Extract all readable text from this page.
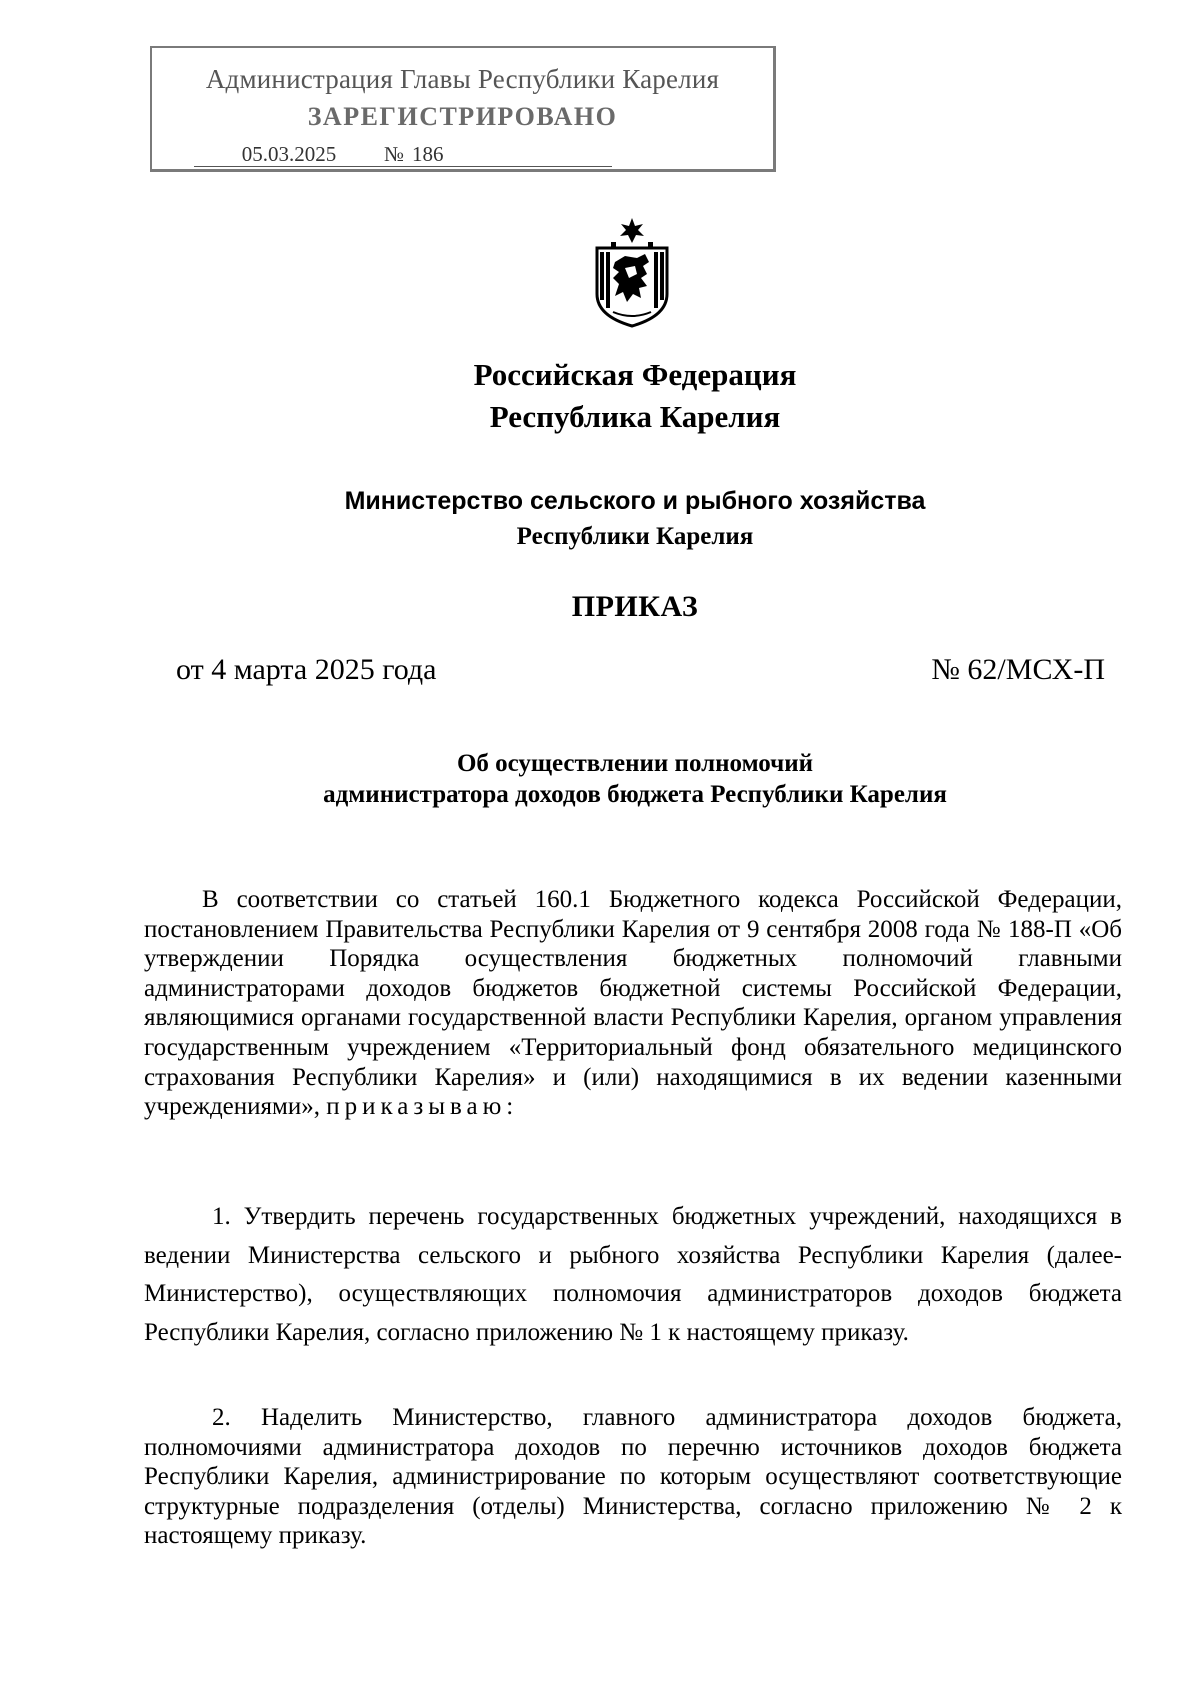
Администрация Главы Республики Карелия
ЗАРЕГИСТРИРОВАНО
05.03.2025 № 186
Российская Федерация
Республика Карелия
Министерство сельского и рыбного хозяйства
Республики Карелия
ПРИКАЗ
от 4 марта 2025 года	№ 62/МСХ-П
Об осуществлении полномочий
администратора доходов бюджета Республики Карелия
В соответствии со статьей 160.1 Бюджетного кодекса Российской Федерации, постановлением Правительства Республики Карелия от 9 сентября 2008 года № 188-П «Об утверждении Порядка осуществления бюджетных полномочий главными администраторами доходов бюджетов бюджетной системы Российской Федерации, являющимися органами государственной власти Республики Карелия, органом управления государственным учреждением «Территориальный фонд обязательного медицинского страхования Республики Карелия» и (или) находящимися в их ведении казенными учреждениями», приказываю:
1. Утвердить перечень государственных бюджетных учреждений, находящихся в ведении Министерства сельского и рыбного хозяйства Республики Карелия (далее- Министерство), осуществляющих полномочия администраторов доходов бюджета Республики Карелия, согласно приложению № 1 к настоящему приказу.
2. Наделить Министерство, главного администратора доходов бюджета, полномочиями администратора доходов по перечню источников доходов бюджета Республики Карелия, администрирование по которым осуществляют соответствующие структурные подразделения (отделы) Министерства, согласно приложению № 2 к настоящему приказу.
